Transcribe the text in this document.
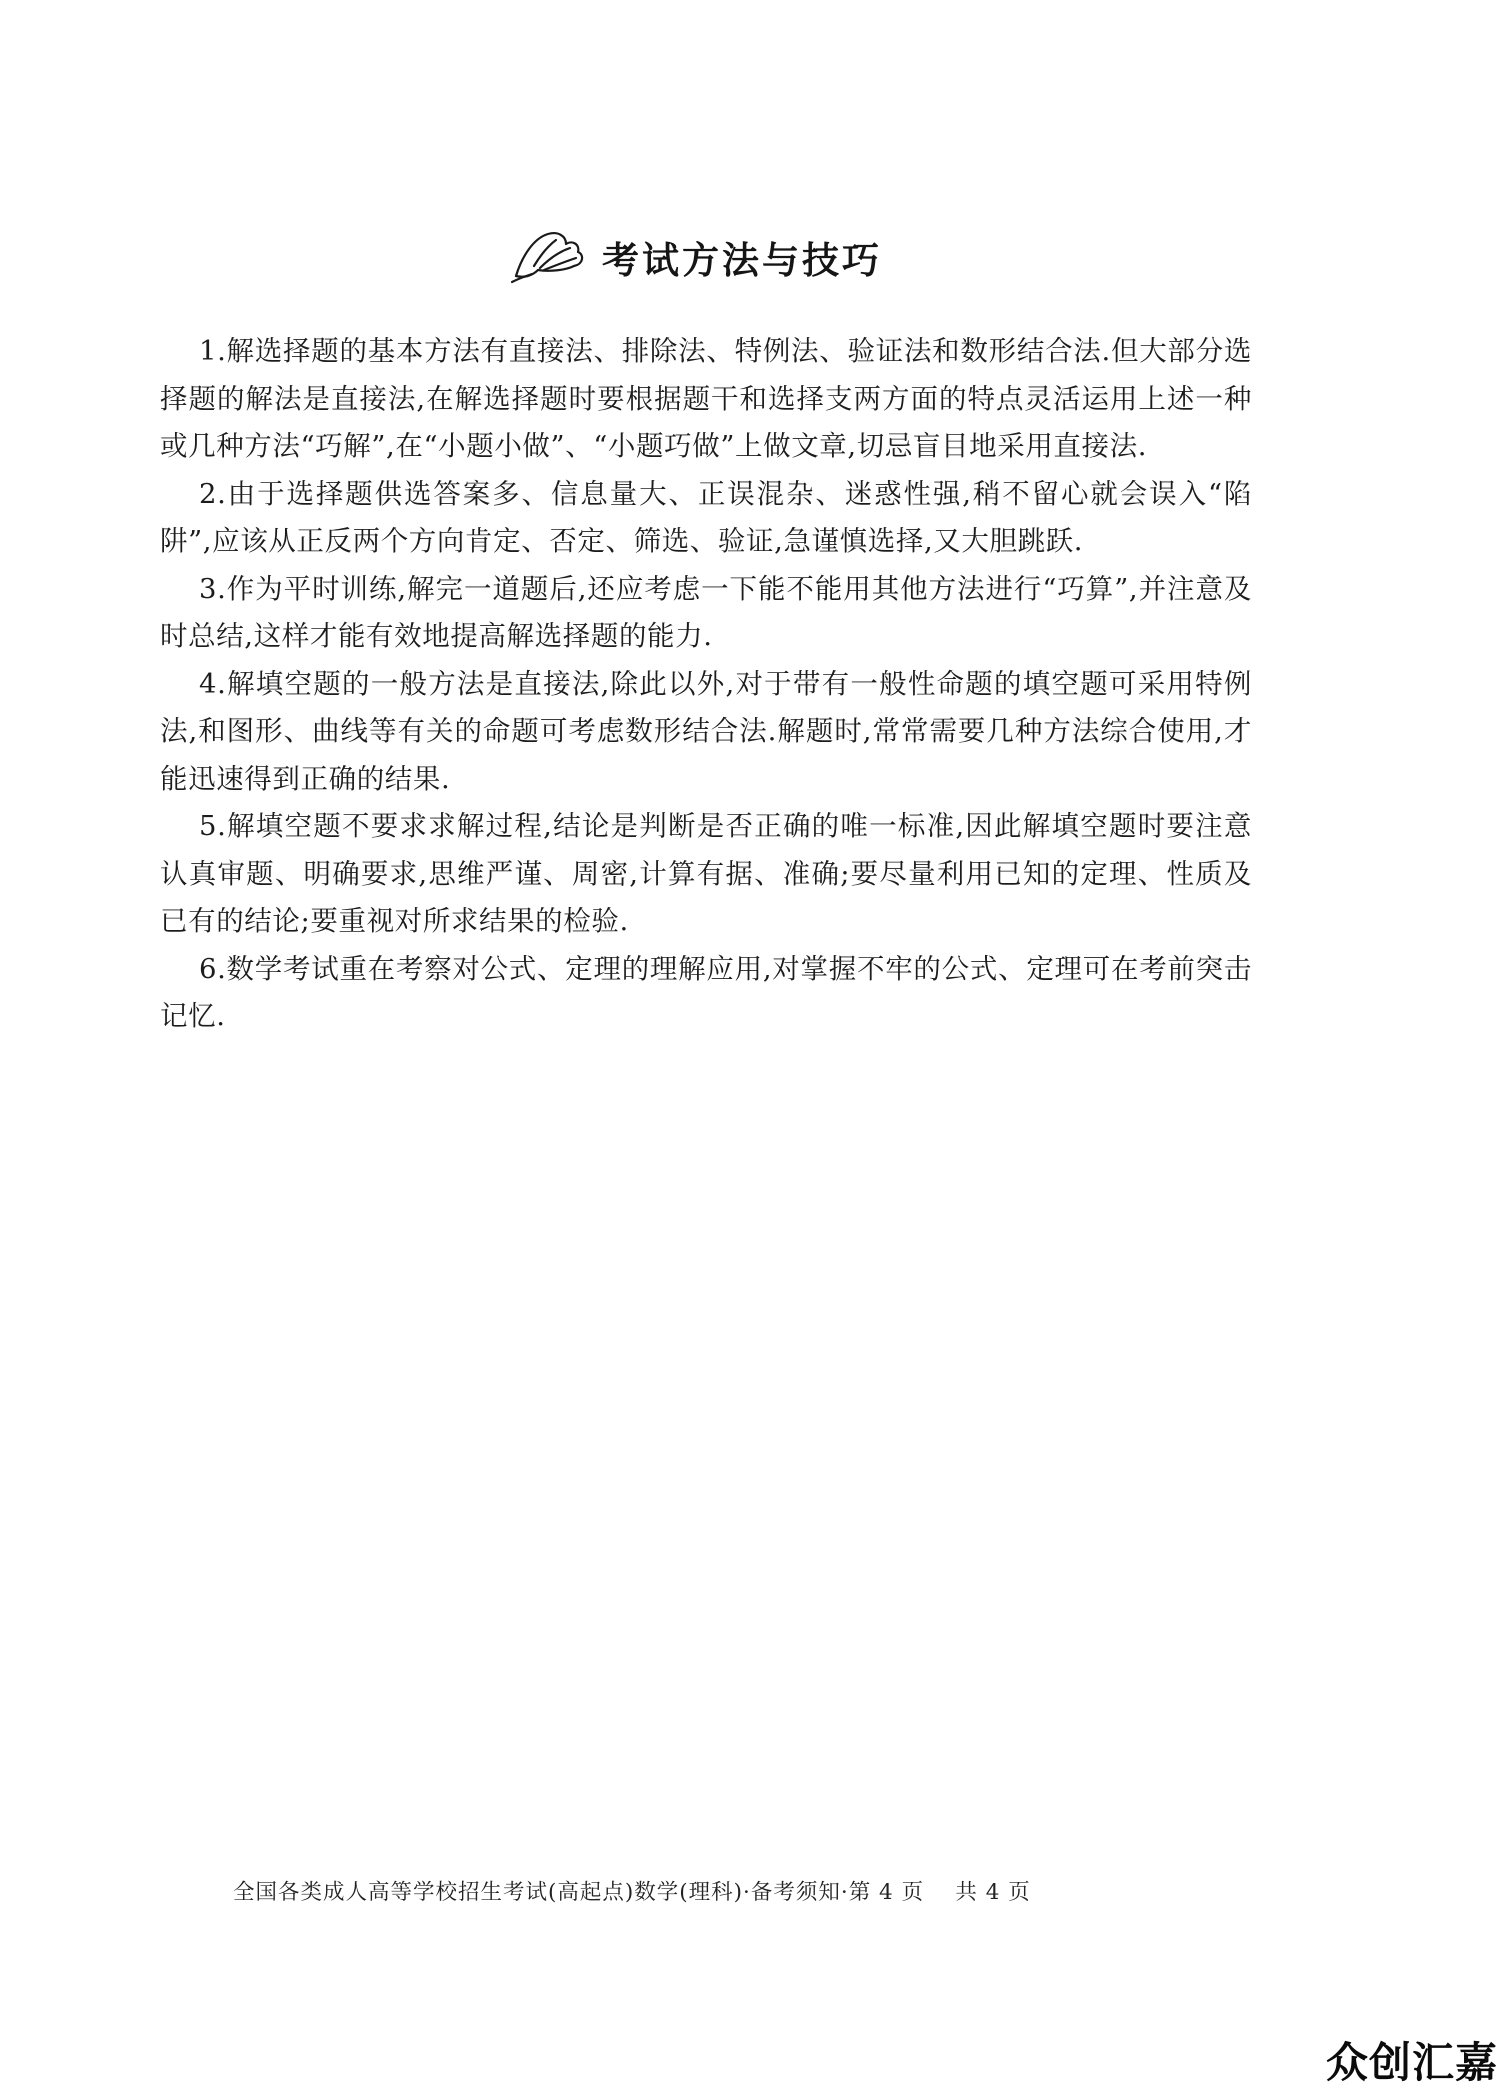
考试方法与技巧

1.解选择题的基本方法有直接法、排除法、特例法、验证法和数形结合法.但大部分选择题的解法是直接法,在解选择题时要根据题干和选择支两方面的特点灵活运用上述一种或几种方法“巧解”,在“小题小做”、“小题巧做”上做文章,切忌盲目地采用直接法.

2.由于选择题供选答案多、信息量大、正误混杂、迷惑性强,稍不留心就会误入“陷阱”,应该从正反两个方向肯定、否定、筛选、验证,急谨慎选择,又大胆跳跃.

3.作为平时训练,解完一道题后,还应考虑一下能不能用其他方法进行“巧算”,并注意及时总结,这样才能有效地提高解选择题的能力.

4.解填空题的一般方法是直接法,除此以外,对于带有一般性命题的填空题可采用特例法,和图形、曲线等有关的命题可考虑数形结合法.解题时,常常需要几种方法综合使用,才能迅速得到正确的结果.

5.解填空题不要求求解过程,结论是判断是否正确的唯一标准,因此解填空题时要注意认真审题、明确要求,思维严谨、周密,计算有据、准确;要尽量利用已知的定理、性质及已有的结论;要重视对所求结果的检验.

6.数学考试重在考察对公式、定理的理解应用,对掌握不牢的公式、定理可在考前突击记忆.

全国各类成人高等学校招生考试(高起点)数学(理科)·备考须知·第 4 页    共 4 页
众创汇嘉
